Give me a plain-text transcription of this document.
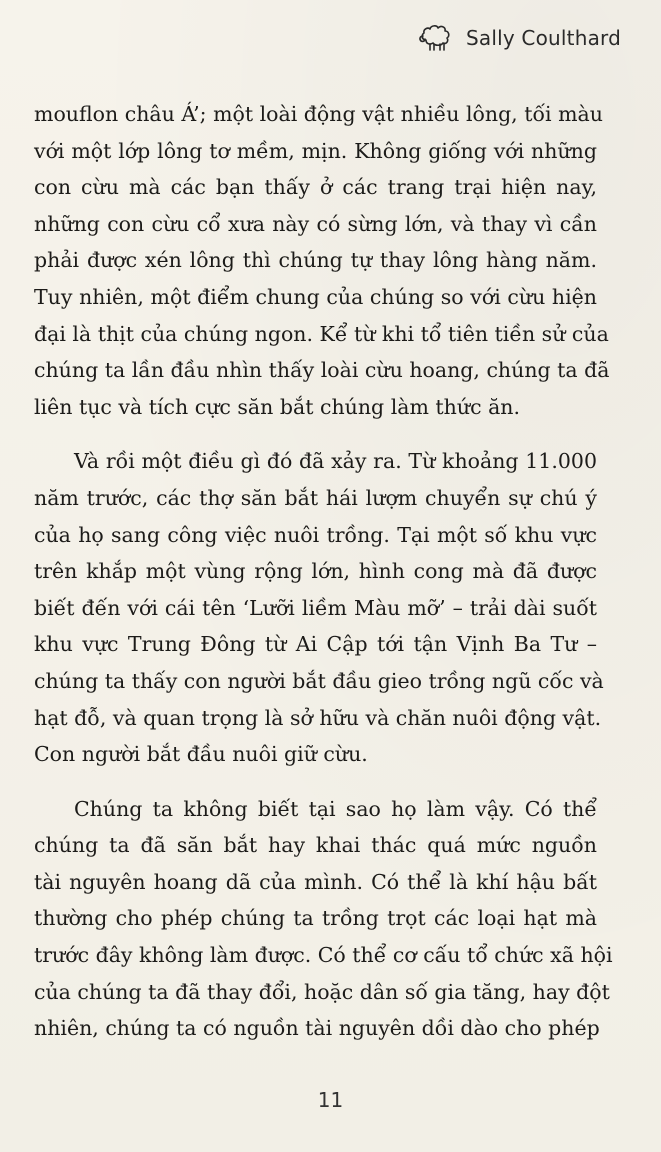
Sally Coulthard
mouflon châu Á’; một loài động vật nhiều lông, tối màu
với một lớp lông tơ mềm, mịn. Không giống với những
con cừu mà các bạn thấy ở các trang trại hiện nay,
những con cừu cổ xưa này có sừng lớn, và thay vì cần
phải được xén lông thì chúng tự thay lông hàng năm.
Tuy nhiên, một điểm chung của chúng so với cừu hiện
đại là thịt của chúng ngon. Kể từ khi tổ tiên tiền sử của
chúng ta lần đầu nhìn thấy loài cừu hoang, chúng ta đã
liên tục và tích cực săn bắt chúng làm thức ăn.
Và rồi một điều gì đó đã xảy ra. Từ khoảng 11.000
năm trước, các thợ săn bắt hái lượm chuyển sự chú ý
của họ sang công việc nuôi trồng. Tại một số khu vực
trên khắp một vùng rộng lớn, hình cong mà đã được
biết đến với cái tên ‘Lưỡi liềm Màu mỡ’ – trải dài suốt
khu vực Trung Đông từ Ai Cập tới tận Vịnh Ba Tư –
chúng ta thấy con người bắt đầu gieo trồng ngũ cốc và
hạt đỗ, và quan trọng là sở hữu và chăn nuôi động vật.
Con người bắt đầu nuôi giữ cừu.
Chúng ta không biết tại sao họ làm vậy. Có thể
chúng ta đã săn bắt hay khai thác quá mức nguồn
tài nguyên hoang dã của mình. Có thể là khí hậu bất
thường cho phép chúng ta trồng trọt các loại hạt mà
trước đây không làm được. Có thể cơ cấu tổ chức xã hội
của chúng ta đã thay đổi, hoặc dân số gia tăng, hay đột
nhiên, chúng ta có nguồn tài nguyên dồi dào cho phép
11
